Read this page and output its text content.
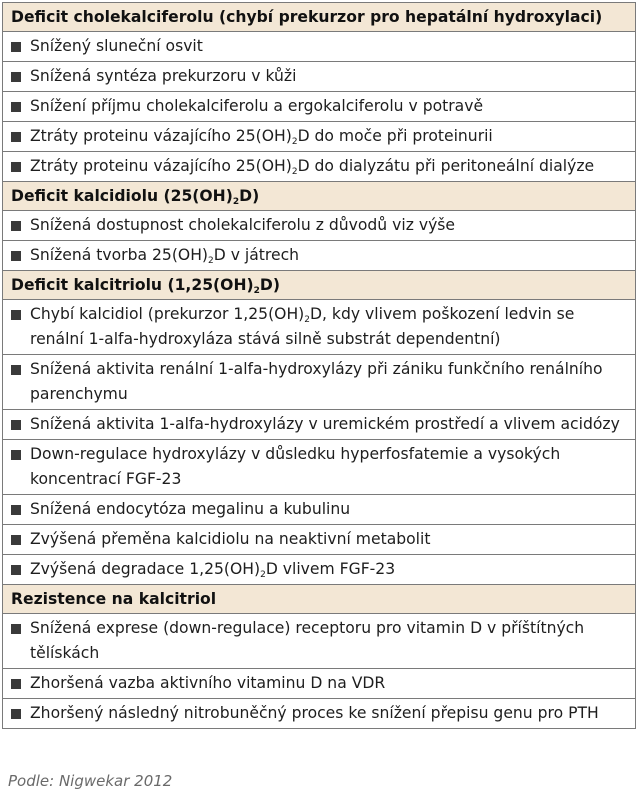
Deficit cholekalciferolu (chybí prekurzor pro hepatální hydroxylaci)

Snížený sluneční osvit

Snížená syntéza prekurzoru v kůži

Snížení příjmu cholekalciferolu a ergokalciferolu v potravě

Ztráty proteinu vázajícího $25(OH)_2D$ do moče při proteinurii

Ztráty proteinu vázajícího $25(OH)_2D$ do dialyzátu při peritoneální dialýze

Deficit kalcidiolu $(25(OH)_2D)$

Snížená dostupnost cholekalciferolu z důvodů viz výše

Snížená tvorba $25(OH)_2D$ v játrech

Deficit kalcitriolu $(1,25(OH)_2D)$

Chybí kalcidiol (prekurzor $1,25(OH)_2D$, kdy vlivem poškození ledvin se renální 1-alfa-hydroxyláza stává silně substrát dependentní)

Snížená aktivita renální 1-alfa-hydroxylázy při zániku funkčního renálního parenchymu

Snížená aktivita 1-alfa-hydroxylázy v uremickém prostředí a vlivem acidózy

Down-regulace hydroxylázy v důsledku hyperfosfatemie a vysokých koncentrací FGF-23

Snížená endocytóza megalinu a kubulinu

Zvýšená přeměna kalcidiolu na neaktivní metabolit

Zvýšená degradace $1,25(OH)_2D$ vlivem FGF-23

Rezistence na kalcitriol

Snížená exprese (down-regulace) receptoru pro vitamin D v příštítných tělískách

Zhoršená vazba aktivního vitaminu D na VDR

Zhoršený následný nitrobuněčný proces ke snížení přepisu genu pro PTH
Podle: Nigwekar 2012
